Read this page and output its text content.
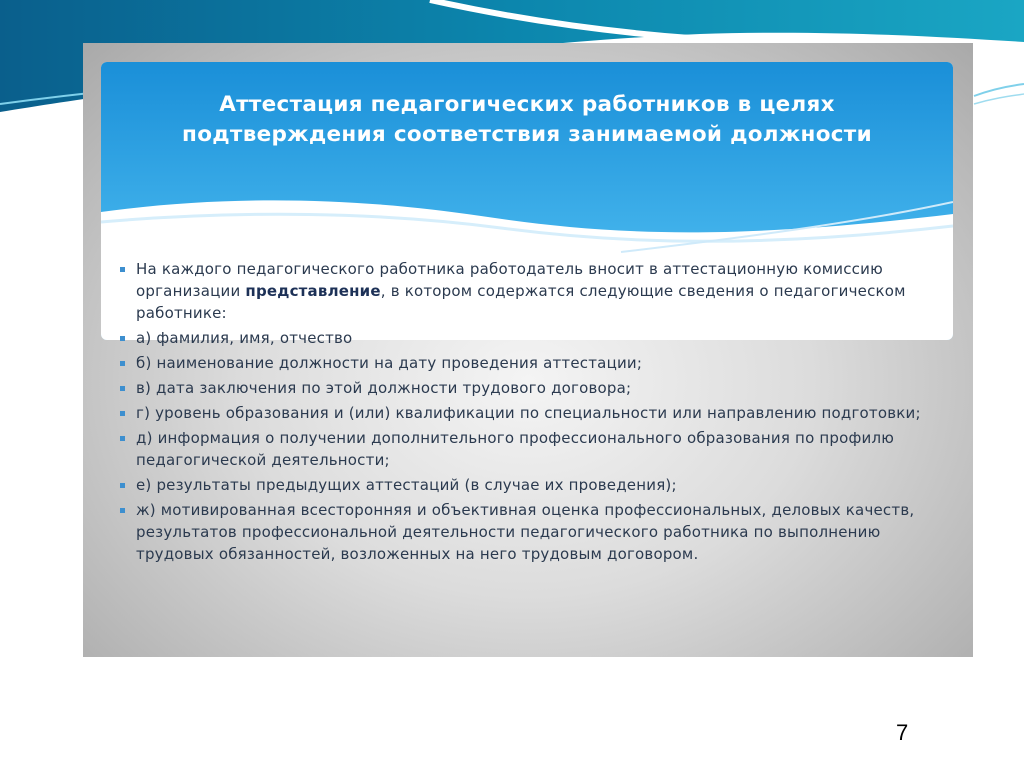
Аттестация педагогических работников в целях подтверждения соответствия занимаемой должности
На каждого педагогического работника работодатель вносит в аттестационную комиссию организации представление, в котором содержатся следующие сведения о педагогическом работнике:
а) фамилия, имя, отчество
б) наименование должности на дату проведения аттестации;
в) дата заключения по этой должности трудового договора;
г) уровень образования и (или) квалификации по специальности или направлению подготовки;
д) информация о получении дополнительного профессионального образования по профилю педагогической деятельности;
е) результаты предыдущих аттестаций (в случае их проведения);
ж) мотивированная всесторонняя и объективная оценка профессиональных, деловых качеств, результатов профессиональной деятельности педагогического работника по выполнению трудовых обязанностей, возложенных на него трудовым договором.
7
